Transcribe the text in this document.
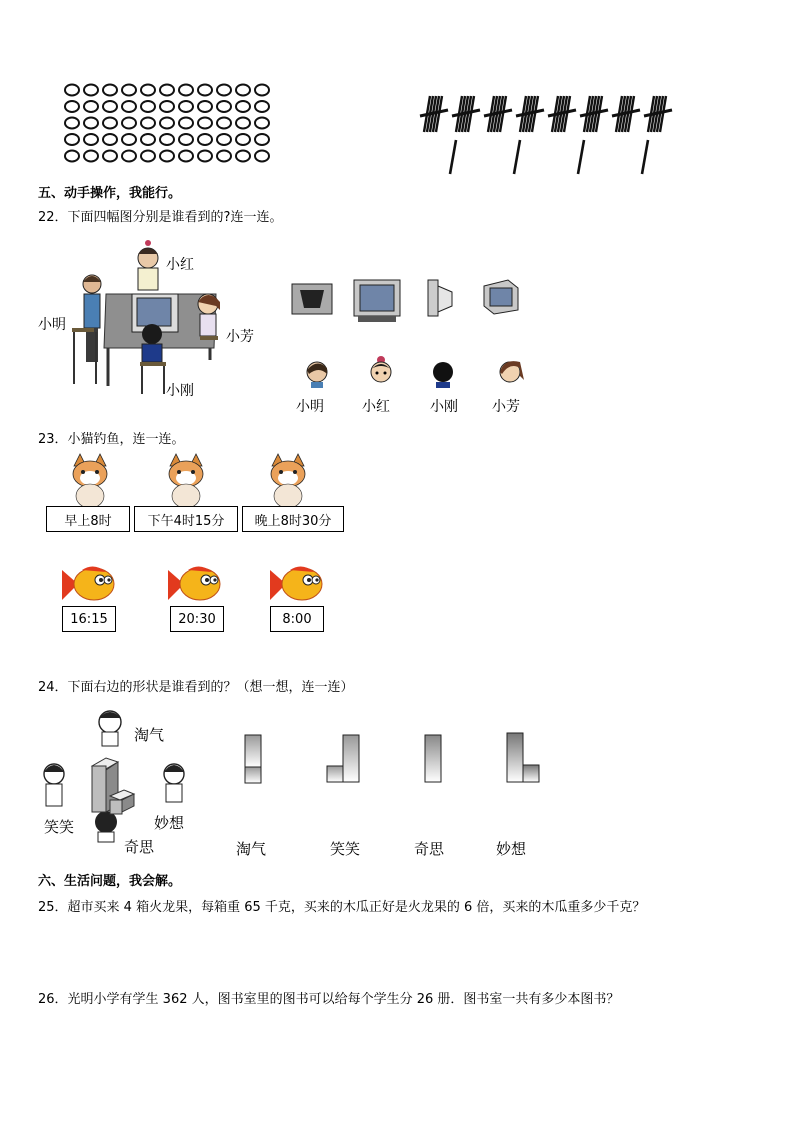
五、动手操作，我能行。
22．下面四幅图分别是谁看到的?连一连。
小红
小明
小芳
小刚
小明	小红	小刚 小芳
23．小猫钓鱼，连一连。
早上8时	下午4时15分	晚上8时30分
16:15	20:30	8:00
24．下面右边的形状是谁看到的？（想一想，连一连）
淘气
笑笑	妙想
奇思	淘气	笑笑	奇思	妙想
六、生活问题，我会解。
25．超市买来 4 箱火龙果，每箱重 65 千克，买来的木瓜正好是火龙果的 6 倍，买来的木瓜重多少千克？
26．光明小学有学生 362 人，图书室里的图书可以给每个学生分 26 册．图书室一共有多少本图书？
